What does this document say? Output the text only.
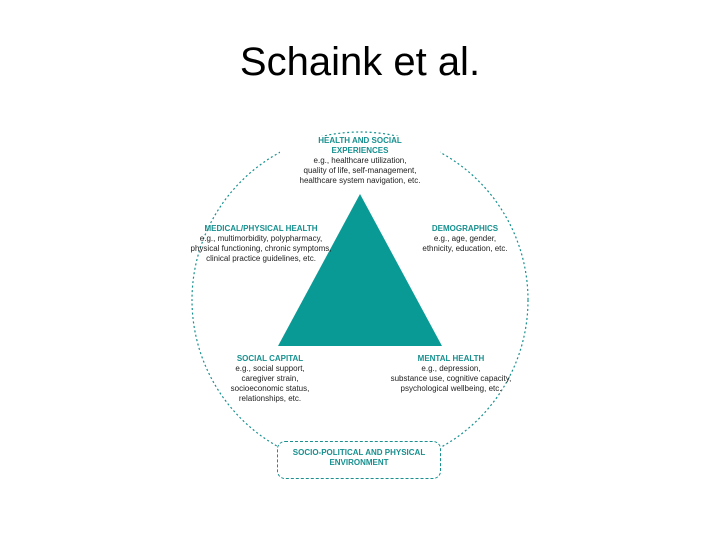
Schaink et al.
HEALTH AND SOCIAL
EXPERIENCES
e.g., healthcare utilization,
quality of life, self-management,
healthcare system navigation, etc.
MEDICAL/PHYSICAL HEALTH
e.g., multimorbidity, polypharmacy,
physical functioning, chronic symptoms,
clinical practice guidelines, etc.
DEMOGRAPHICS
e.g., age, gender,
ethnicity, education, etc.
SOCIAL CAPITAL
e.g., social support,
caregiver strain,
socioeconomic status,
relationships, etc.
MENTAL HEALTH
e.g., depression,
substance use, cognitive capacity,
psychological wellbeing, etc.
SOCIO-POLITICAL AND PHYSICAL
ENVIRONMENT
